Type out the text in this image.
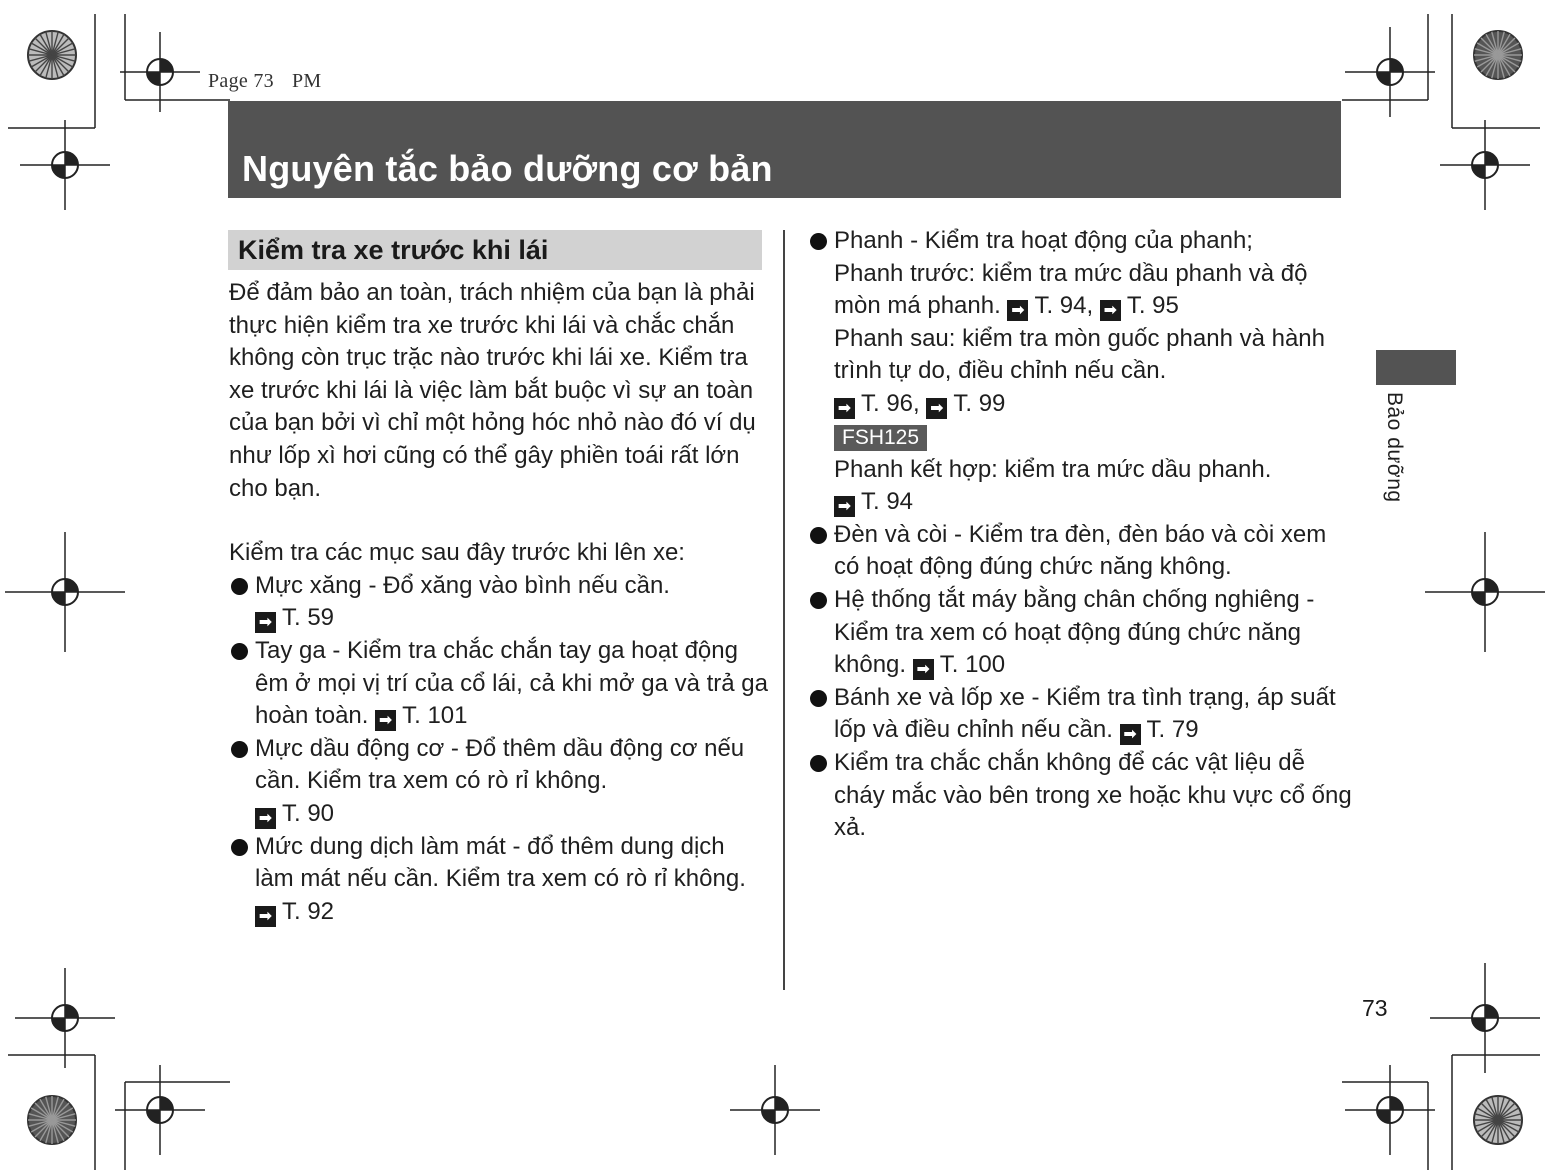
Page 73 PM
Nguyên tắc bảo dưỡng cơ bản
Kiểm tra xe trước khi lái

Để đảm bảo an toàn, trách nhiệm của bạn là phải thực hiện kiểm tra xe trước khi lái và chắc chắn không còn trục trặc nào trước khi lái xe. Kiểm tra xe trước khi lái là việc làm bắt buộc vì sự an toàn của bạn bởi vì chỉ một hỏng hóc nhỏ nào đó ví dụ như lốp xì hơi cũng có thể gây phiền toái rất lớn cho bạn.

Kiểm tra các mục sau đây trước khi lên xe:

Mực xăng - Đổ xăng vào bình nếu cần.
➡ T. 59
Tay ga - Kiểm tra chắc chắn tay ga hoạt động êm ở mọi vị trí của cổ lái, cả khi mở ga và trả ga hoàn toàn. ➡ T. 101
Mực dầu động cơ - Đổ thêm dầu động cơ nếu cần. Kiểm tra xem có rò rỉ không.
➡ T. 90
Mức dung dịch làm mát - đổ thêm dung dịch làm mát nếu cần. Kiểm tra xem có rò rỉ không. ➡ T. 92
Phanh - Kiểm tra hoạt động của phanh;
Phanh trước: kiểm tra mức dầu phanh và độ mòn má phanh. ➡ T. 94, ➡ T. 95
Phanh sau: kiểm tra mòn guốc phanh và hành trình tự do, điều chỉnh nếu cần.
➡ T. 96, ➡ T. 99
FSH125
Phanh kết hợp: kiểm tra mức dầu phanh.
➡ T. 94
Đèn và còi - Kiểm tra đèn, đèn báo và còi xem có hoạt động đúng chức năng không.
Hệ thống tắt máy bằng chân chống nghiêng - Kiểm tra xem có hoạt động đúng chức năng không. ➡ T. 100
Bánh xe và lốp xe - Kiểm tra tình trạng, áp suất lốp và điều chỉnh nếu cần. ➡ T. 79
Kiểm tra chắc chắn không để các vật liệu dễ cháy mắc vào bên trong xe hoặc khu vực cổ ống xả.
Bảo dưỡng
73
